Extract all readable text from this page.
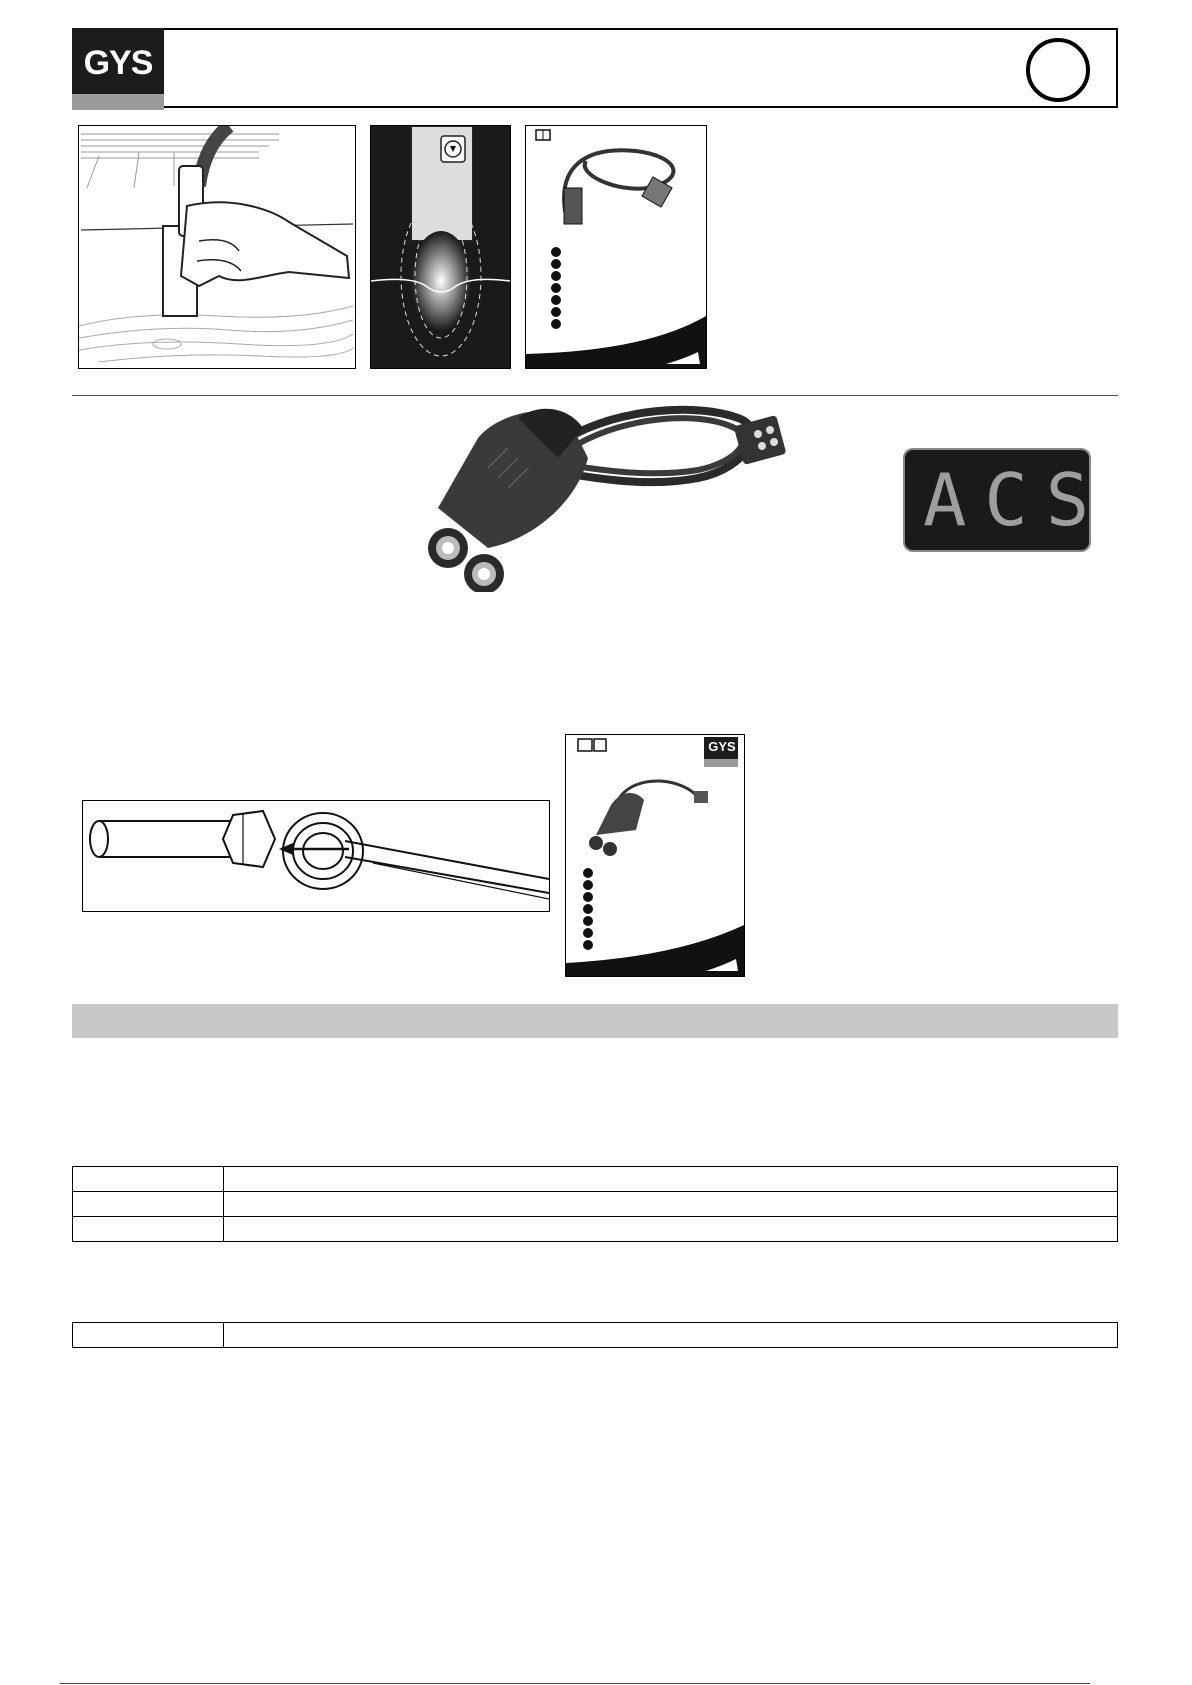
GYS
ACS
GYS
